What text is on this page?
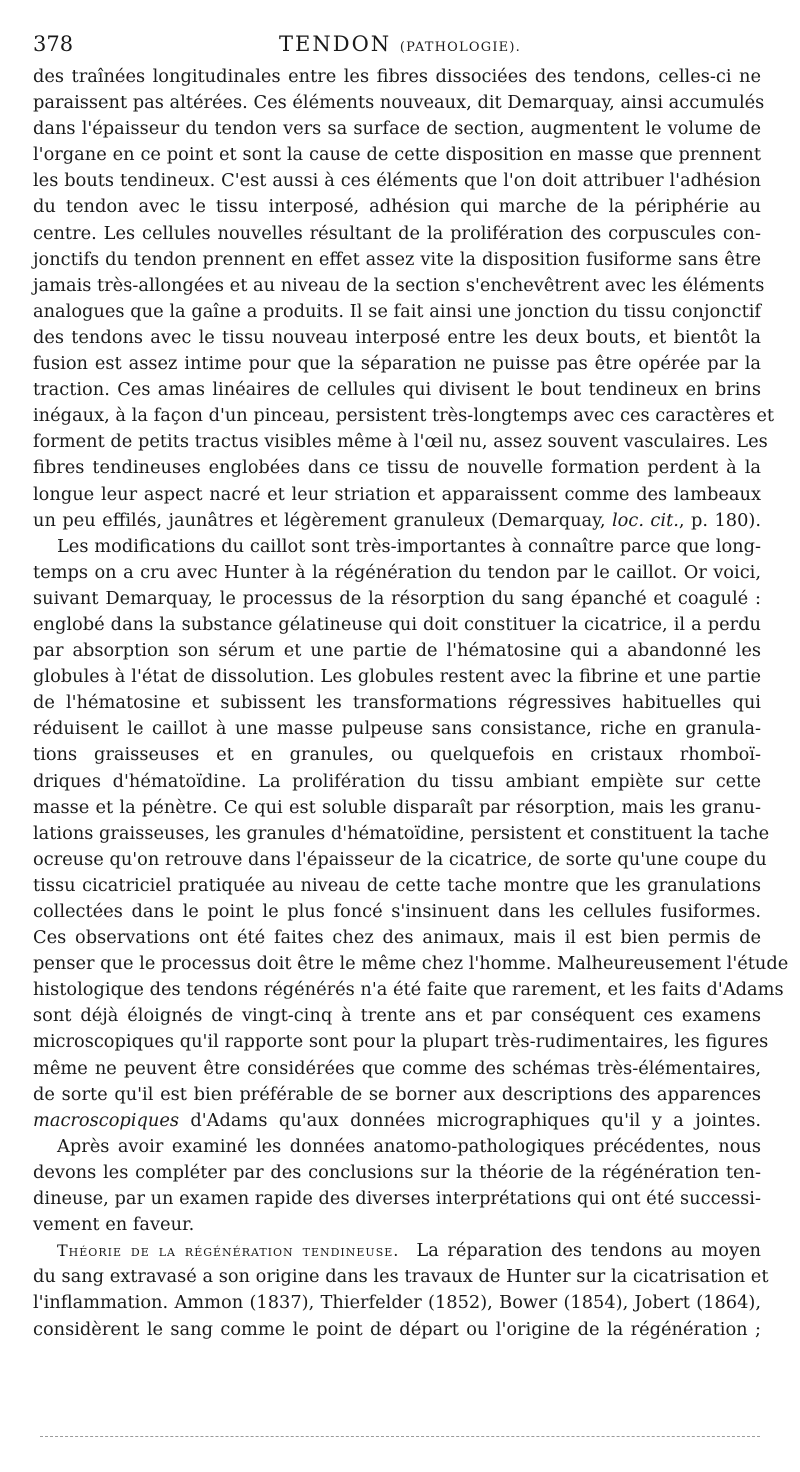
378	TENDON (PATHOLOGIE).
des traînées longitudinales entre les fibres dissociées des tendons, celles-ci ne
paraissent pas altérées. Ces éléments nouveaux, dit Demarquay, ainsi accumulés
dans l'épaisseur du tendon vers sa surface de section, augmentent le volume de
l'organe en ce point et sont la cause de cette disposition en masse que prennent
les bouts tendineux. C'est aussi à ces éléments que l'on doit attribuer l'adhésion
du tendon avec le tissu interposé, adhésion qui marche de la périphérie au
centre. Les cellules nouvelles résultant de la prolifération des corpuscules con-
jonctifs du tendon prennent en effet assez vite la disposition fusiforme sans être
jamais très-allongées et au niveau de la section s'enchevêtrent avec les éléments
analogues que la gaîne a produits. Il se fait ainsi une jonction du tissu conjonctif
des tendons avec le tissu nouveau interposé entre les deux bouts, et bientôt la
fusion est assez intime pour que la séparation ne puisse pas être opérée par la
traction. Ces amas linéaires de cellules qui divisent le bout tendineux en brins
inégaux, à la façon d'un pinceau, persistent très-longtemps avec ces caractères et
forment de petits tractus visibles même à l'œil nu, assez souvent vasculaires. Les
fibres tendineuses englobées dans ce tissu de nouvelle formation perdent à la
longue leur aspect nacré et leur striation et apparaissent comme des lambeaux
un peu effilés, jaunâtres et légèrement granuleux (Demarquay, loc. cit., p. 180).
Les modifications du caillot sont très-importantes à connaître parce que long-
temps on a cru avec Hunter à la régénération du tendon par le caillot. Or voici,
suivant Demarquay, le processus de la résorption du sang épanché et coagulé :
englobé dans la substance gélatineuse qui doit constituer la cicatrice, il a perdu
par absorption son sérum et une partie de l'hématosine qui a abandonné les
globules à l'état de dissolution. Les globules restent avec la fibrine et une partie
de l'hématosine et subissent les transformations régressives habituelles qui
réduisent le caillot à une masse pulpeuse sans consistance, riche en granula-
tions graisseuses et en granules, ou quelquefois en cristaux rhomboï-
driques d'hématoïdine. La prolifération du tissu ambiant empiète sur cette
masse et la pénètre. Ce qui est soluble disparaît par résorption, mais les granu-
lations graisseuses, les granules d'hématoïdine, persistent et constituent la tache
ocreuse qu'on retrouve dans l'épaisseur de la cicatrice, de sorte qu'une coupe du
tissu cicatriciel pratiquée au niveau de cette tache montre que les granulations
collectées dans le point le plus foncé s'insinuent dans les cellules fusiformes.
Ces observations ont été faites chez des animaux, mais il est bien permis de
penser que le processus doit être le même chez l'homme. Malheureusement l'étude
histologique des tendons régénérés n'a été faite que rarement, et les faits d'Adams
sont déjà éloignés de vingt-cinq à trente ans et par conséquent ces examens
microscopiques qu'il rapporte sont pour la plupart très-rudimentaires, les figures
même ne peuvent être considérées que comme des schémas très-élémentaires,
de sorte qu'il est bien préférable de se borner aux descriptions des apparences
macroscopiques d'Adams qu'aux données micrographiques qu'il y a jointes.
Après avoir examiné les données anatomo-pathologiques précédentes, nous
devons les compléter par des conclusions sur la théorie de la régénération ten-
dineuse, par un examen rapide des diverses interprétations qui ont été successi-
vement en faveur.
Théorie de la régénération tendineuse. La réparation des tendons au moyen
du sang extravasé a son origine dans les travaux de Hunter sur la cicatrisation et
l'inflammation. Ammon (1837), Thierfelder (1852), Bower (1854), Jobert (1864),
considèrent le sang comme le point de départ ou l'origine de la régénération ;
